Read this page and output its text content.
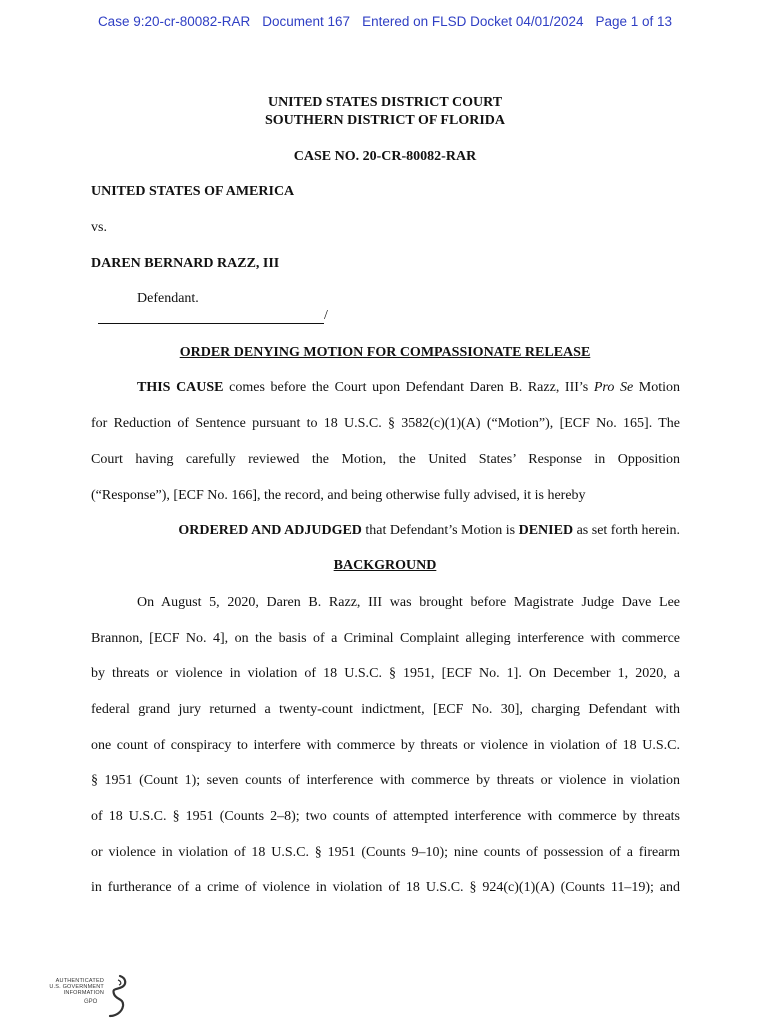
Case 9:20-cr-80082-RAR Document 167 Entered on FLSD Docket 04/01/2024 Page 1 of 13
UNITED STATES DISTRICT COURT
SOUTHERN DISTRICT OF FLORIDA
CASE NO. 20-CR-80082-RAR
UNITED STATES OF AMERICA
vs.
DAREN BERNARD RAZZ, III
Defendant.
/
ORDER DENYING MOTION FOR COMPASSIONATE RELEASE
THIS CAUSE comes before the Court upon Defendant Daren B. Razz, III’s Pro Se Motion
for Reduction of Sentence pursuant to 18 U.S.C. § 3582(c)(1)(A) (“Motion”), [ECF No. 165]. The
Court having carefully reviewed the Motion, the United States’ Response in Opposition
(“Response”), [ECF No. 166], the record, and being otherwise fully advised, it is hereby
ORDERED AND ADJUDGED that Defendant’s Motion is DENIED as set forth herein.
BACKGROUND
On August 5, 2020, Daren B. Razz, III was brought before Magistrate Judge Dave Lee
Brannon, [ECF No. 4], on the basis of a Criminal Complaint alleging interference with commerce
by threats or violence in violation of 18 U.S.C. § 1951, [ECF No. 1]. On December 1, 2020, a
federal grand jury returned a twenty-count indictment, [ECF No. 30], charging Defendant with
one count of conspiracy to interfere with commerce by threats or violence in violation of 18 U.S.C.
§ 1951 (Count 1); seven counts of interference with commerce by threats or violence in violation
of 18 U.S.C. § 1951 (Counts 2–8); two counts of attempted interference with commerce by threats
or violence in violation of 18 U.S.C. § 1951 (Counts 9–10); nine counts of possession of a firearm
in furtherance of a crime of violence in violation of 18 U.S.C. § 924(c)(1)(A) (Counts 11–19); and
AUTHENTICATED
U.S. GOVERNMENT
INFORMATION
GPO
